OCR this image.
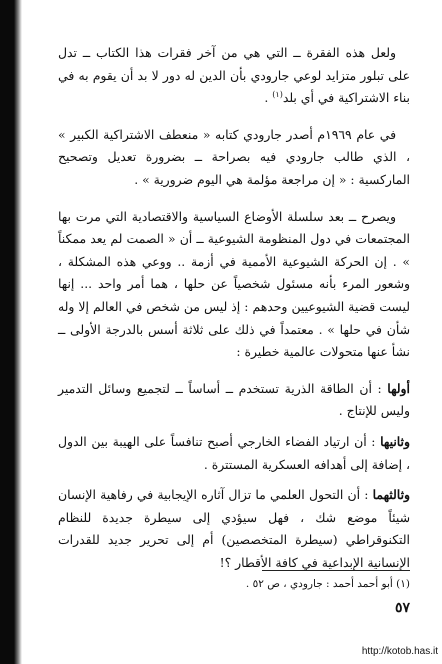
ولعل هذه الفقرة ــ التي هي من آخر فقرات هذا الكتاب ــ تدل على تبلور متزايد لوعي جارودي بأن الدين له دور لا بد أن يقوم به في بناء الاشتراكية في أي بلد$^{(١)}$ .

في عام ١٩٦٩م أصدر جارودي كتابه « منعطف الاشتراكية الكبير » ، الذي طالب جارودي فيه بصراحة ــ بضرورة تعديل وتصحيح الماركسية : « إن مراجعة مؤلمة هي اليوم ضرورية » .

ويصرح ــ بعد سلسلة الأوضاع السياسية والاقتصادية التي مرت بها المجتمعات في دول المنظومة الشيوعية ــ أن « الصمت لم يعد ممكناً » . إن الحركة الشيوعية الأممية في أزمة .. ووعي هذه المشكلة ، وشعور المرء بأنه مسئول شخصياً عن حلها ، هما أمر واحد ... إنها ليست قضية الشيوعيين وحدهم : إذ ليس من شخص في العالم إلا وله شأن في حلها » . معتمداً في ذلك على ثلاثة أسس بالدرجة الأولى ــ نشأ عنها متحولات عالمية خطيرة :

أولها : أن الطاقة الذرية تستخدم ــ أساساً ــ لتجميع وسائل التدمير وليس للإنتاج .

وثانيها : أن ارتياد الفضاء الخارجي أصبح تنافساً على الهيبة بين الدول ، إضافة إلى أهدافه العسكرية المستترة .

وثالثهما : أن التحول العلمي ما تزال آثاره الإيجابية في رفاهية الإنسان شيئاً موضع شك ، فهل سيؤدي إلى سيطرة جديدة للنظام التكنوقراطي (سيطرة المتخصصين) أم إلى تحرير جديد للقدرات الإنسانية الإبداعية في كافة الأقطار ؟!

(١) أبو أحمد أحمد : جارودي ، ص ٥٢ .
٥٧
http://kotob.has.it
